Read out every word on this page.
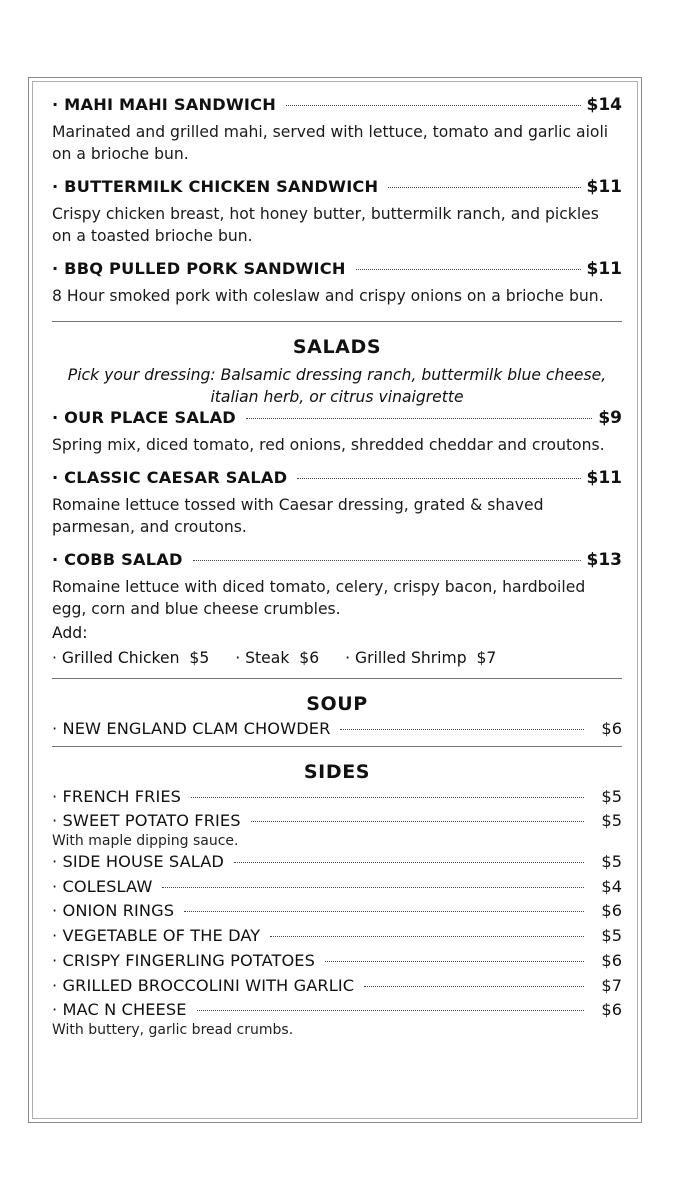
· MAHI MAHI SANDWICH	$14

Marinated and grilled mahi, served with lettuce, tomato and garlic aioli on a brioche bun.

· BUTTERMILK CHICKEN SANDWICH	$11

Crispy chicken breast, hot honey butter, buttermilk ranch, and pickles on a toasted brioche bun.

· BBQ PULLED PORK SANDWICH	$11

8 Hour smoked pork with coleslaw and crispy onions on a brioche bun.

SALADS

Pick your dressing: Balsamic dressing ranch, buttermilk blue cheese, italian herb, or citrus vinaigrette

· OUR PLACE SALAD	$9

Spring mix, diced tomato, red onions, shredded cheddar and croutons.

· CLASSIC CAESAR SALAD	$11

Romaine lettuce tossed with Caesar dressing, grated & shaved parmesan, and croutons.

· COBB SALAD	$13

Romaine lettuce with diced tomato, celery, crispy bacon, hardboiled egg, corn and blue cheese crumbles.

Add:

· Grilled Chicken $5 · Steak $6 · Grilled Shrimp $7
SOUP
· NEW ENGLAND CLAM CHOWDER	$6
SIDES
· FRENCH FRIES	$5
· SWEET POTATO FRIES	$5

With maple dipping sauce.

· SIDE HOUSE SALAD	$5
· COLESLAW	$4
· ONION RINGS	$6
· VEGETABLE OF THE DAY	$5
· CRISPY FINGERLING POTATOES	$6
· GRILLED BROCCOLINI WITH GARLIC	$7
· MAC N CHEESE	$6

With buttery, garlic bread crumbs.
